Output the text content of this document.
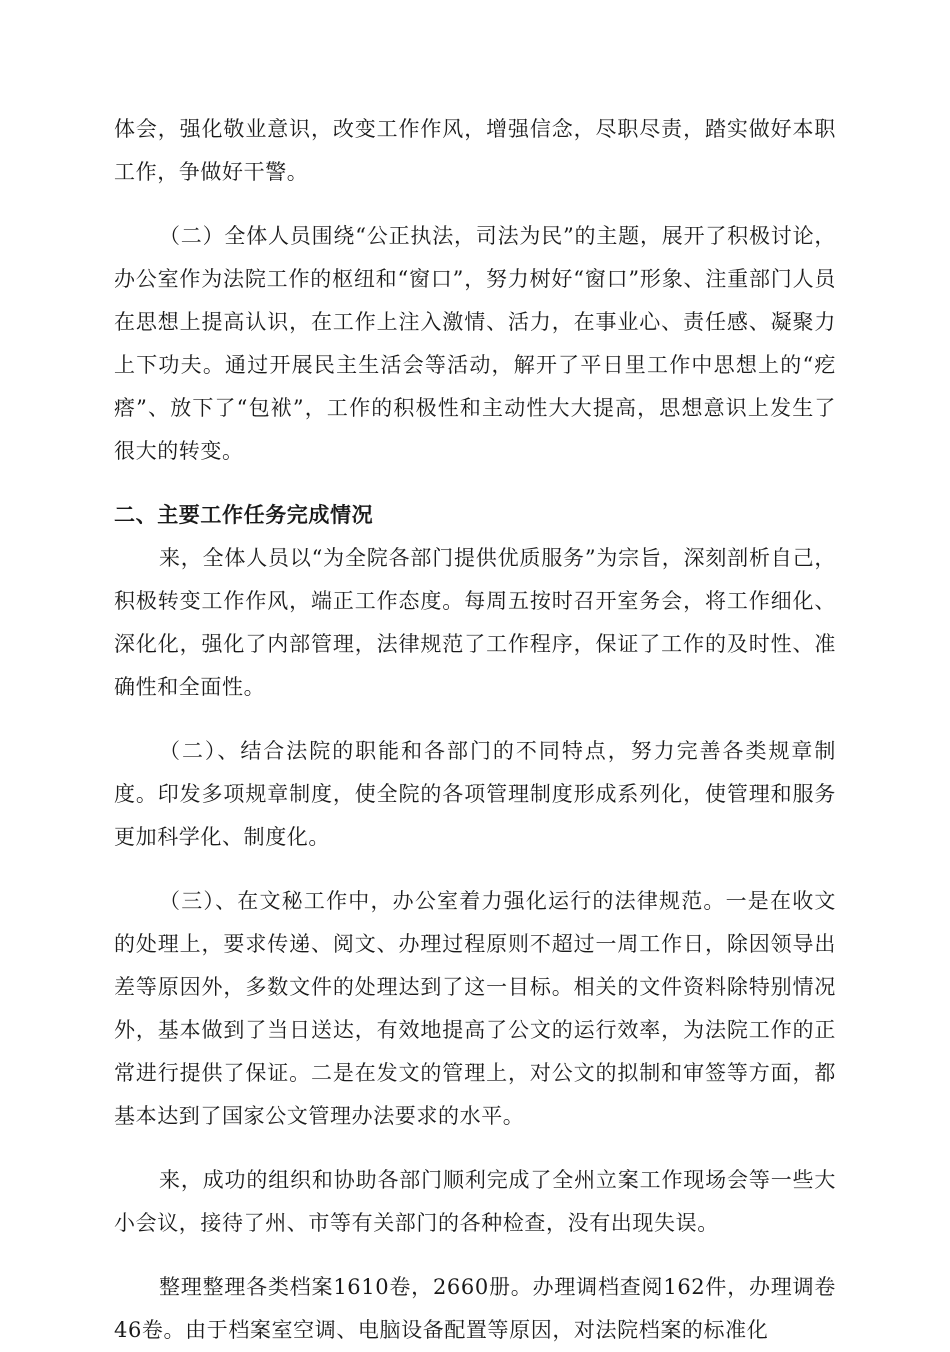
体会，强化敬业意识，改变工作作风，增强信念，尽职尽责，踏实做好本职工作，争做好干警。

（二）全体人员围绕“公正执法，司法为民”的主题，展开了积极讨论，办公室作为法院工作的枢纽和“窗口”，努力树好“窗口”形象、注重部门人员在思想上提高认识，在工作上注入激情、活力，在事业心、责任感、凝聚力上下功夫。通过开展民主生活会等活动，解开了平日里工作中思想上的“疙瘩”、放下了“包袱”，工作的积极性和主动性大大提高，思想意识上发生了很大的转变。

二、主要工作任务完成情况

来，全体人员以“为全院各部门提供优质服务”为宗旨，深刻剖析自己，积极转变工作作风，端正工作态度。每周五按时召开室务会，将工作细化、深化化，强化了内部管理，法律规范了工作程序，保证了工作的及时性、准确性和全面性。

（二）、结合法院的职能和各部门的不同特点，努力完善各类规章制度。印发多项规章制度，使全院的各项管理制度形成系列化，使管理和服务更加科学化、制度化。

（三）、在文秘工作中，办公室着力强化运行的法律规范。一是在收文的处理上，要求传递、阅文、办理过程原则不超过一周工作日，除因领导出差等原因外，多数文件的处理达到了这一目标。相关的文件资料除特别情况外，基本做到了当日送达，有效地提高了公文的运行效率，为法院工作的正常进行提供了保证。二是在发文的管理上，对公文的拟制和审签等方面，都基本达到了国家公文管理办法要求的水平。

来，成功的组织和协助各部门顺利完成了全州立案工作现场会等一些大小会议，接待了州、市等有关部门的各种检查，没有出现失误。

整理整理各类档案1610卷，2660册。办理调档查阅162件，办理调卷46卷。由于档案室空调、电脑设备配置等原因，对法院档案的标准化
